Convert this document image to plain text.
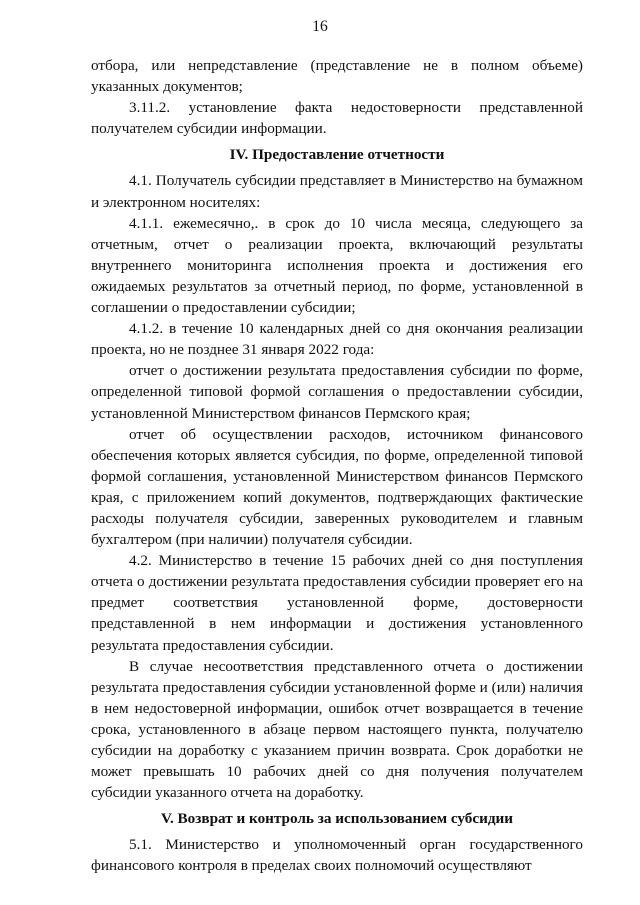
16

отбора, или непредставление (представление не в полном объеме) указанных документов;

3.11.2. установление факта недостоверности представленной получателем субсидии информации.

IV. Предоставление отчетности

4.1. Получатель субсидии представляет в Министерство на бумажном и электронном носителях:

4.1.1. ежемесячно,. в срок до 10 числа месяца, следующего за отчетным, отчет о реализации проекта, включающий результаты внутреннего мониторинга исполнения проекта и достижения его ожидаемых результатов за отчетный период, по форме, установленной в соглашении о предоставлении субсидии;

4.1.2. в течение 10 календарных дней со дня окончания реализации проекта, но не позднее 31 января 2022 года:

отчет о достижении результата предоставления субсидии по форме, определенной типовой формой соглашения о предоставлении субсидии, установленной Министерством финансов Пермского края;

отчет об осуществлении расходов, источником финансового обеспечения которых является субсидия, по форме, определенной типовой формой соглашения, установленной Министерством финансов Пермского края, с приложением копий документов, подтверждающих фактические расходы получателя субсидии, заверенных руководителем и главным бухгалтером (при наличии) получателя субсидии.

4.2. Министерство в течение 15 рабочих дней со дня поступления отчета о достижении результата предоставления субсидии проверяет его на предмет соответствия установленной форме, достоверности представленной в нем информации и достижения установленного результата предоставления субсидии.

В случае несоответствия представленного отчета о достижении результата предоставления субсидии установленной форме и (или) наличия в нем недостоверной информации, ошибок отчет возвращается в течение срока, установленного в абзаце первом настоящего пункта, получателю субсидии на доработку с указанием причин возврата. Срок доработки не может превышать 10 рабочих дней со дня получения получателем субсидии указанного отчета на доработку.

V. Возврат и контроль за использованием субсидии

5.1. Министерство и уполномоченный орган государственного финансового контроля в пределах своих полномочий осуществляют
